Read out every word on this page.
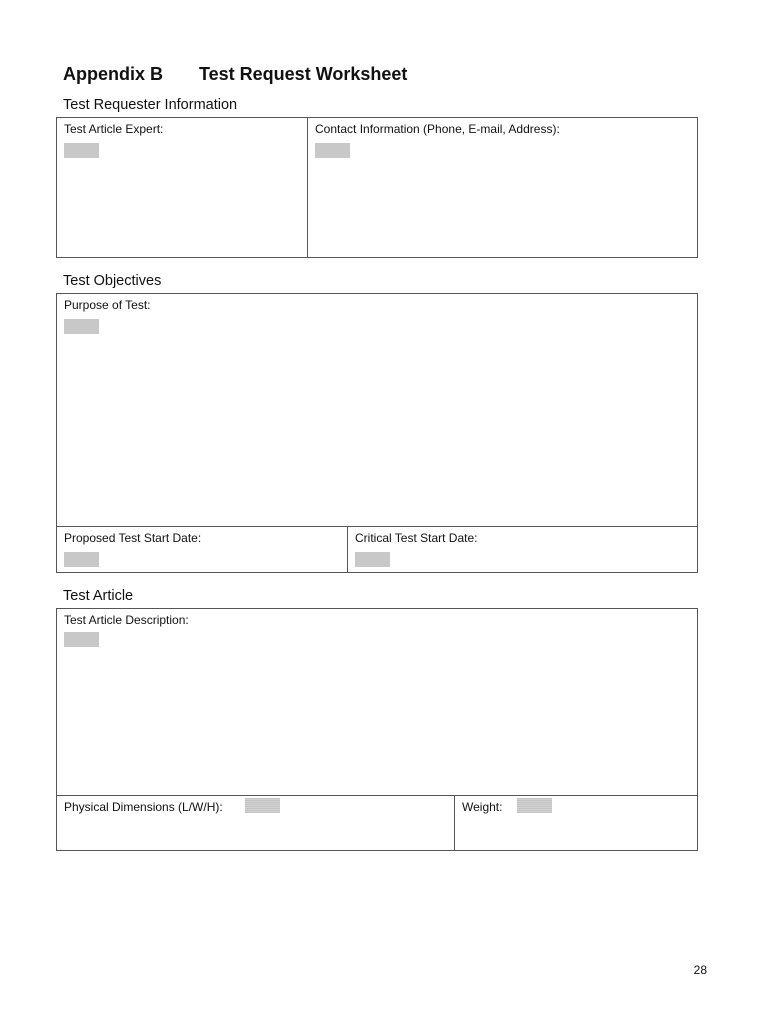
Appendix B Test Request Worksheet
Test Requester Information
Test Article Expert:	Contact Information (Phone, E-mail, Address):
Test Objectives
Purpose of Test:
Proposed Test Start Date:	Critical Test Start Date:
Test Article
Test Article Description:
Physical Dimensions (L/W/H):	Weight:
28
